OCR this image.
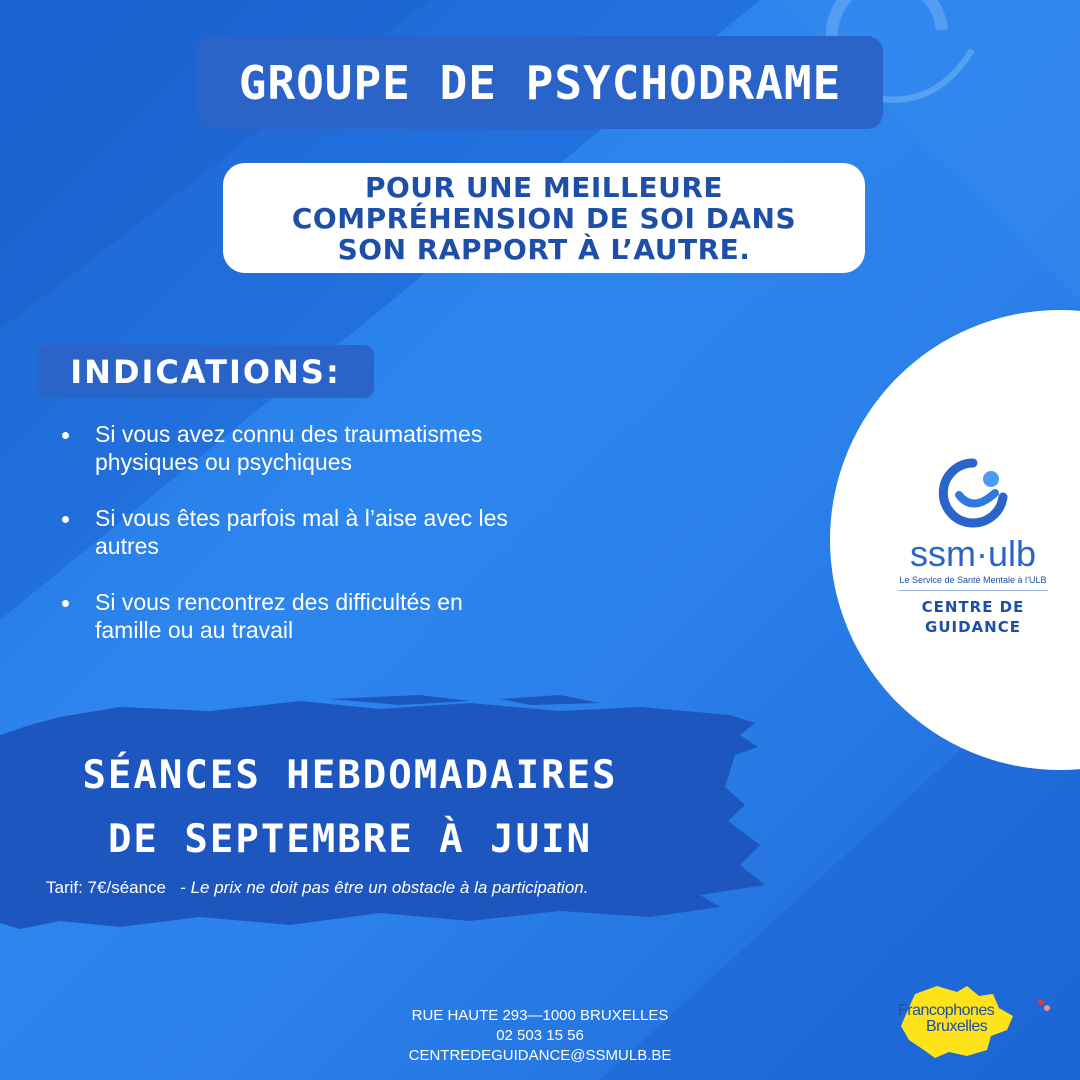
GROUPE DE PSYCHODRAME
POUR UNE MEILLEURE
COMPRÉHENSION DE SOI DANS
SON RAPPORT À L’AUTRE.
INDICATIONS:
Si vous avez connu des traumatismes
physiques ou psychiques
Si vous êtes parfois mal à l’aise avec les
autres
Si vous rencontrez des difficultés en
famille ou au travail
ssm·ulb
Le Service de Santé Mentale à l’ULB
CENTRE DE
GUIDANCE
SÉANCES HEBDOMADAIRES
DE SEPTEMBRE À JUIN
Tarif: 7€/séance   - Le prix ne doit pas être un obstacle à la participation.
RUE HAUTE 293—1000 BRUXELLES
02 503 15 56
CENTREDEGUIDANCE@SSMULB.BE
Francophones
Bruxelles
